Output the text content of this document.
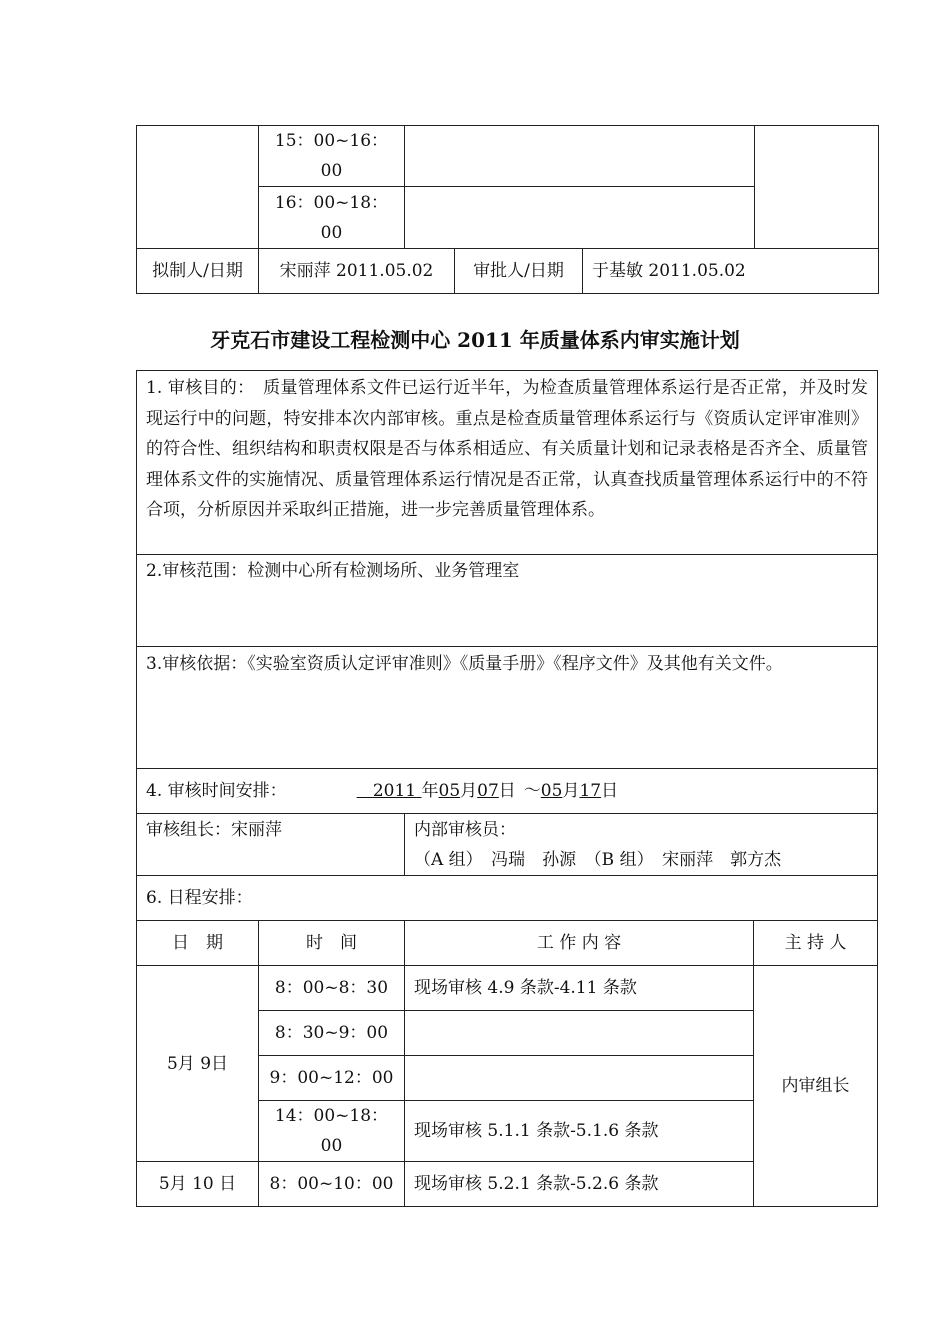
	15：00~16：00				
	16：00~18：00				
拟制人/日期	宋丽萍 2011.05.02		审批人/日期	于基敏 2011.05.02	
牙克石市建设工程检测中心 2011 年质量体系内审实施计划
1. 审核目的：　质量管理体系文件已运行近半年，为检查质量管理体系运行是否正常，并及时发现运行中的问题，特安排本次内部审核。重点是检查质量管理体系运行与《资质认定评审准则》的符合性、组织结构和职责权限是否与体系相适应、有关质量计划和记录表格是否齐全、质量管理体系文件的实施情况、质量管理体系运行情况是否正常，认真查找质量管理体系运行中的不符合项，分析原因并采取纠正措施，进一步完善质量管理体系。			
2.审核范围：检测中心所有检测场所、业务管理室			
3.审核依据：《实验室资质认定评审准则》《质量手册》《程序文件》及其他有关文件。			
4. 审核时间安排： 2011 年05月07日 ～05月17日			
审核组长：宋丽萍		内部审核员：
（A 组）　冯瑞　孙源　（B 组）　宋丽萍　郭方杰	

6. 日程安排：			
日　期	时　间	工 作 内 容	主 持 人
5月 9日	8：00~8：30	现场审核 4.9 条款-4.11 条款	内审组长
	8：30~9：00		
	9：00~12：00		
	14：00~18：00	现场审核 5.1.1 条款-5.1.6 条款	
5月 10 日	8：00~10：00	现场审核 5.2.1 条款-5.2.6 条款	
